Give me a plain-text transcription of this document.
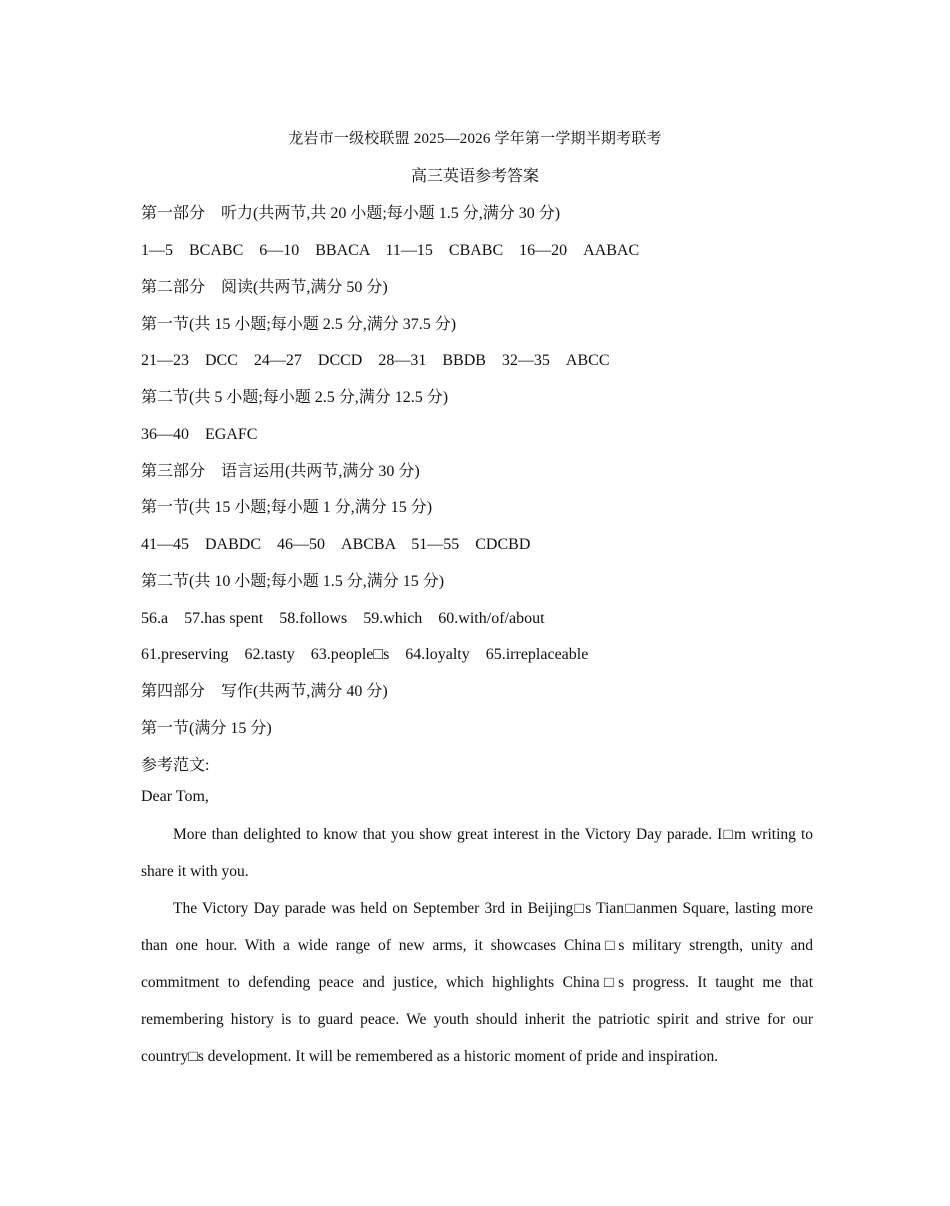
龙岩市一级校联盟 2025—2026 学年第一学期半期考联考
高三英语参考答案
第一部分　听力(共两节,共 20 小题;每小题 1.5 分,满分 30 分)
1—5　BCABC　6—10　BBACA　11—15　CBABC　16—20　AABAC
第二部分　阅读(共两节,满分 50 分)
第一节(共 15 小题;每小题 2.5 分,满分 37.5 分)
21—23　DCC　24—27　DCCD　28—31　BBDB　32—35　ABCC
第二节(共 5 小题;每小题 2.5 分,满分 12.5 分)
36—40　EGAFC
第三部分　语言运用(共两节,满分 30 分)
第一节(共 15 小题;每小题 1 分,满分 15 分)
41—45　DABDC　46—50　ABCBA　51—55　CDCBD
第二节(共 10 小题;每小题 1.5 分,满分 15 分)
56.a　57.has spent　58.follows　59.which　60.with/of/about
61.preserving　62.tasty　63.people□s　64.loyalty　65.irreplaceable
第四部分　写作(共两节,满分 40 分)
第一节(满分 15 分)
参考范文:
Dear Tom,
More than delighted to know that you show great interest in the Victory Day parade. I□m writing to share it with you.
The Victory Day parade was held on September 3rd in Beijing□s Tian□anmen Square, lasting more than one hour. With a wide range of new arms, it showcases China□s military strength, unity and commitment to defending peace and justice, which highlights China□s progress. It taught me that remembering history is to guard peace. We youth should inherit the patriotic spirit and strive for our country□s development. It will be remembered as a historic moment of pride and inspiration.
